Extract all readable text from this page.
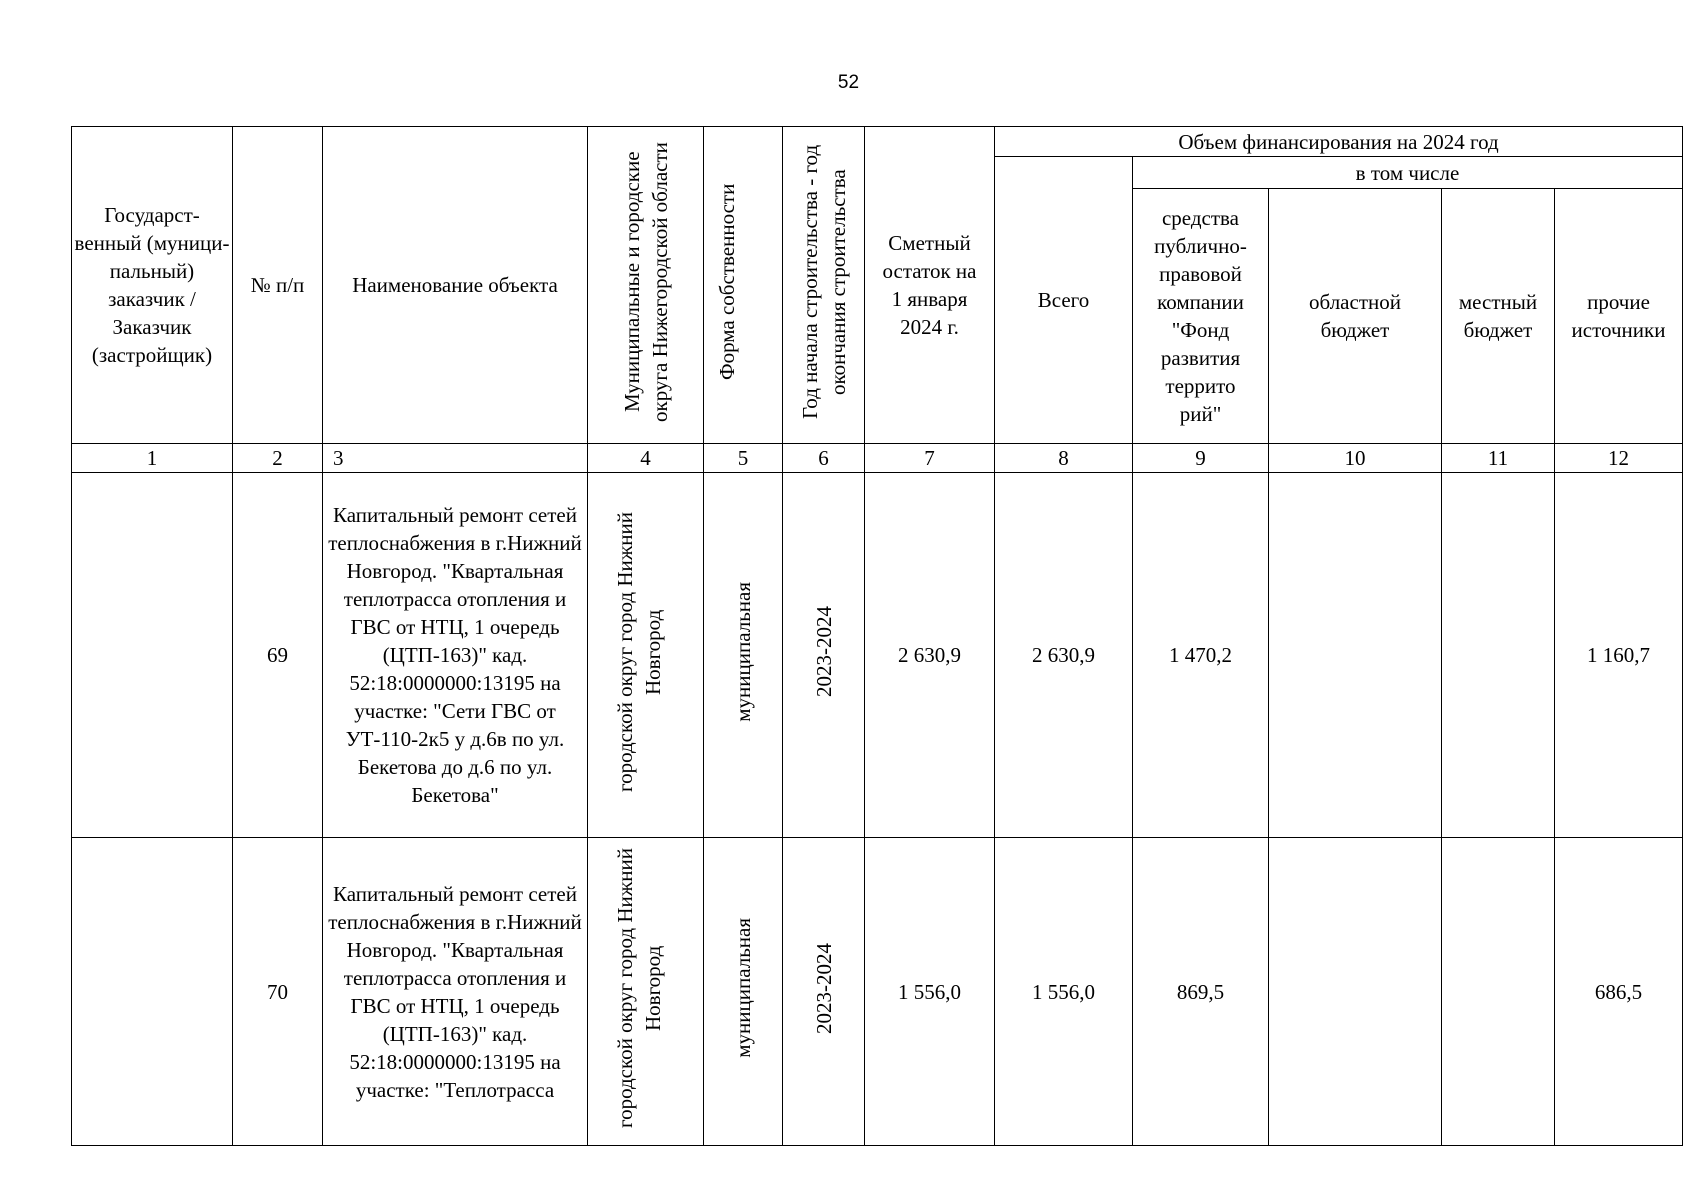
52
Государст-венный (муници-пальный) заказчик / Заказчик (застройщик)	№ п/п	Наименование объекта	Муниципальные и городские округа Нижегородской области	Форма собственности	Год начала строительства - год окончания строительства	Сметный остаток на 1 января 2024 г.	Объем финансирования на 2024 год				
							Всего	в том числе			
								средства публично-правовой компании "Фонд развития террито рий"	областной бюджет	местный бюджет	прочие источники
1	2	3	4	5	6	7	8	9	10	11	12
	69	Капитальный ремонт сетей теплоснабжения в г.Нижний Новгород. "Квартальная теплотрасса отопления и ГВС от НТЦ, 1 очередь (ЦТП-163)" кад. 52:18:0000000:13195 на участке: "Сети ГВС от УТ-110-2к5 у д.6в по ул. Бекетова до д.6 по ул. Бекетова"	городской округ город Нижний Новгород	муниципальная	2023-2024	2 630,9	2 630,9	1 470,2			1 160,7
	70	Капитальный ремонт сетей теплоснабжения в г.Нижний Новгород. "Квартальная теплотрасса отопления и ГВС от НТЦ, 1 очередь (ЦТП-163)" кад. 52:18:0000000:13195 на участке: "Теплотрасса	городской округ город Нижний Новгород	муниципальная	2023-2024	1 556,0	1 556,0	869,5			686,5
